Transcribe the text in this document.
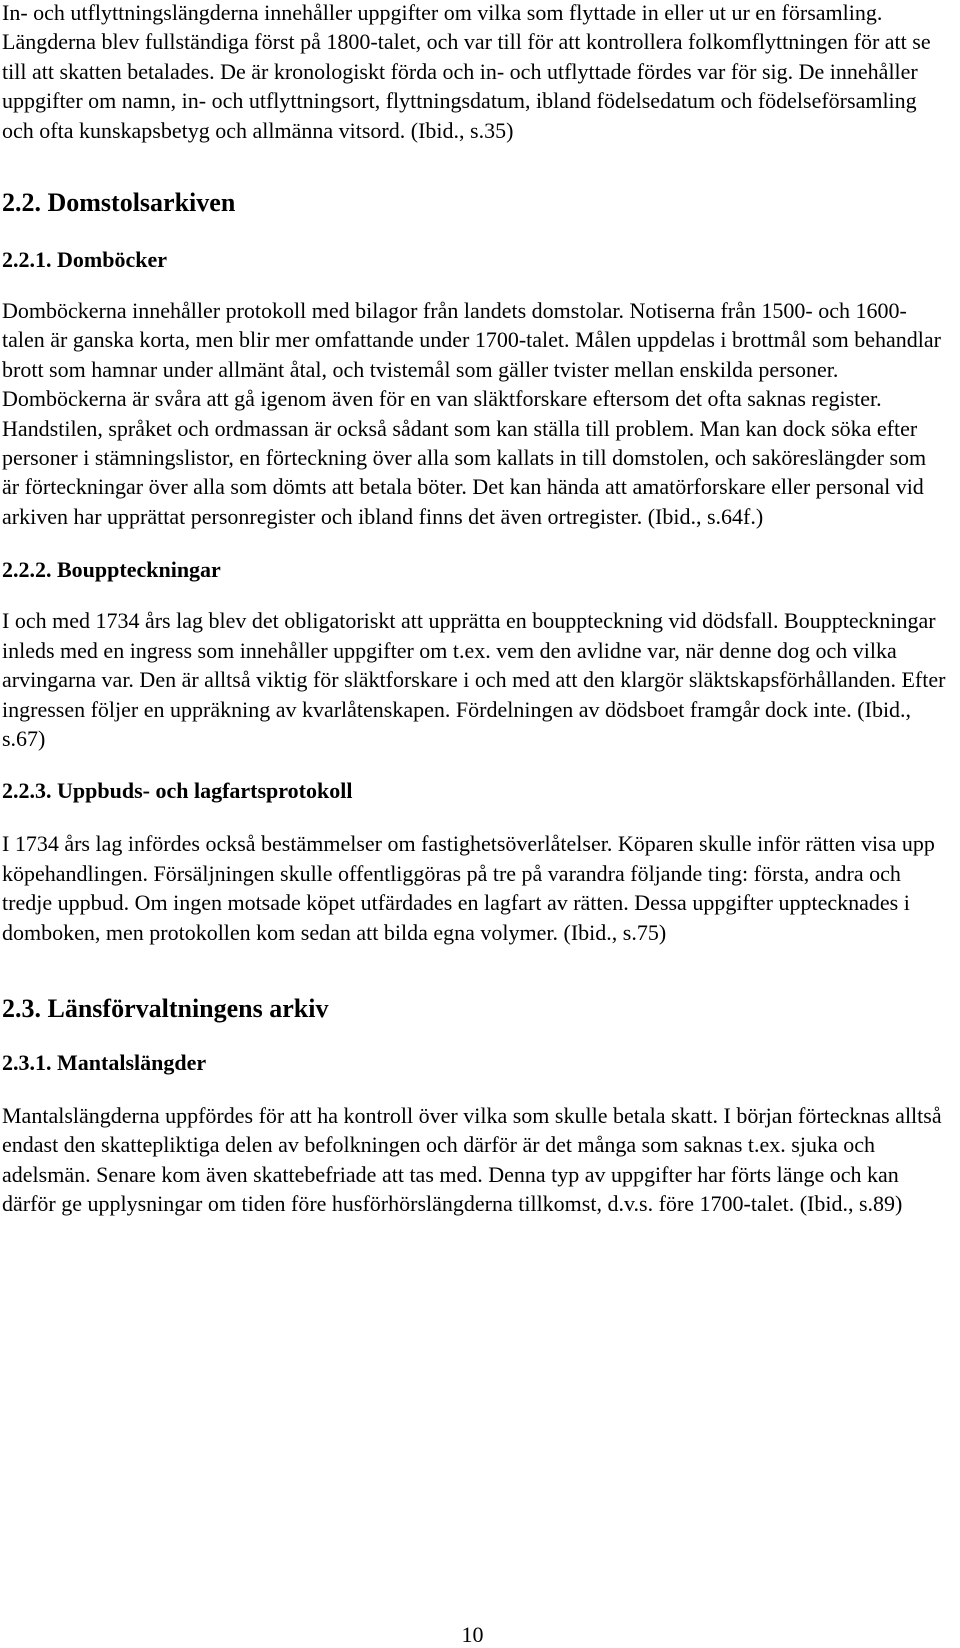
In- och utflyttningslängderna innehåller uppgifter om vilka som flyttade in eller ut ur en församling. Längderna blev fullständiga först på 1800-talet, och var till för att kontrollera folkomflyttningen för att se till att skatten betalades. De är kronologiskt förda och in- och utflyttade fördes var för sig. De innehåller uppgifter om namn, in- och utflyttningsort, flyttningsdatum, ibland födelsedatum och födelseförsamling och ofta kunskapsbetyg och allmänna vitsord. (Ibid., s.35)

2.2. Domstolsarkiven
2.2.1. Domböcker

Domböckerna innehåller protokoll med bilagor från landets domstolar. Notiserna från 1500- och 1600-talen är ganska korta, men blir mer omfattande under 1700-talet. Målen uppdelas i brottmål som behandlar brott som hamnar under allmänt åtal, och tvistemål som gäller tvister mellan enskilda personer. Domböckerna är svåra att gå igenom även för en van släktforskare eftersom det ofta saknas register. Handstilen, språket och ordmassan är också sådant som kan ställa till problem. Man kan dock söka efter personer i stämningslistor, en förteckning över alla som kallats in till domstolen, och saköreslängder som är förteckningar över alla som dömts att betala böter. Det kan hända att amatörforskare eller personal vid arkiven har upprättat personregister och ibland finns det även ortregister. (Ibid., s.64f.)

2.2.2. Bouppteckningar

I och med 1734 års lag blev det obligatoriskt att upprätta en bouppteckning vid dödsfall. Bouppteckningar inleds med en ingress som innehåller uppgifter om t.ex. vem den avlidne var, när denne dog och vilka arvingarna var. Den är alltså viktig för släktforskare i och med att den klargör släktskapsförhållanden. Efter ingressen följer en uppräkning av kvarlåtenskapen. Fördelningen av dödsboet framgår dock inte. (Ibid., s.67)

2.2.3. Uppbuds- och lagfartsprotokoll

I 1734 års lag infördes också bestämmelser om fastighetsöverlåtelser. Köparen skulle inför rätten visa upp köpehandlingen. Försäljningen skulle offentliggöras på tre på varandra följande ting: första, andra och tredje uppbud. Om ingen motsade köpet utfärdades en lagfart av rätten. Dessa uppgifter upptecknades i domboken, men protokollen kom sedan att bilda egna volymer. (Ibid., s.75)

2.3. Länsförvaltningens arkiv
2.3.1. Mantalslängder

Mantalslängderna uppfördes för att ha kontroll över vilka som skulle betala skatt. I början förtecknas alltså endast den skattepliktiga delen av befolkningen och därför är det många som saknas t.ex. sjuka och adelsmän. Senare kom även skattebefriade att tas med. Denna typ av uppgifter har förts länge och kan därför ge upplysningar om tiden före husförhörslängderna tillkomst, d.v.s. före 1700-talet. (Ibid., s.89)

10
